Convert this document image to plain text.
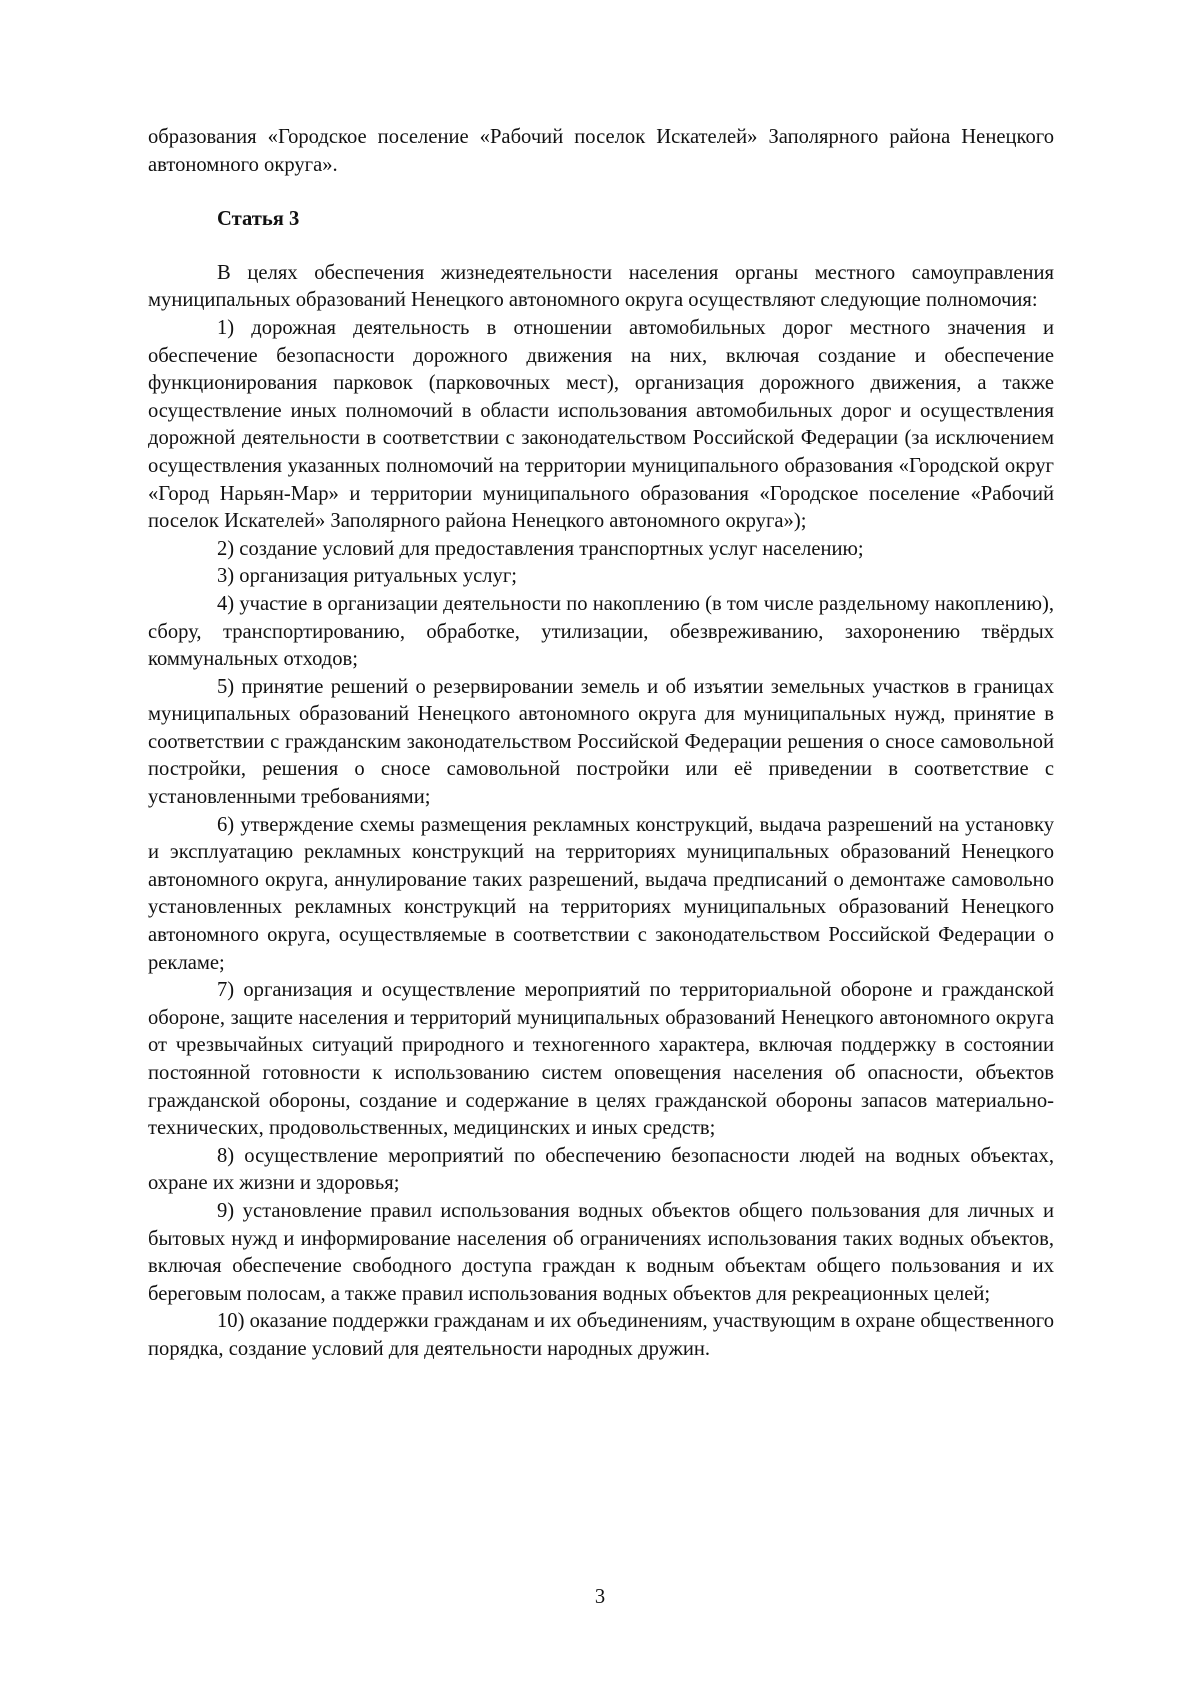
образования «Городское поселение «Рабочий поселок Искателей» Заполярного района Ненецкого автономного округа».

Статья 3

В целях обеспечения жизнедеятельности населения органы местного самоуправления муниципальных образований Ненецкого автономного округа осуществляют следующие полномочия:

1) дорожная деятельность в отношении автомобильных дорог местного значения и обеспечение безопасности дорожного движения на них, включая создание и обеспечение функционирования парковок (парковочных мест), организация дорожного движения, а также осуществление иных полномочий в области использования автомобильных дорог и осуществления дорожной деятельности в соответствии с законодательством Российской Федерации (за исключением осуществления указанных полномочий на территории муниципального образования «Городской округ «Город Нарьян-Мар» и территории муниципального образования «Городское поселение «Рабочий поселок Искателей» Заполярного района Ненецкого автономного округа»);

2) создание условий для предоставления транспортных услуг населению;

3) организация ритуальных услуг;

4) участие в организации деятельности по накоплению (в том числе раздельному накоплению), сбору, транспортированию, обработке, утилизации, обезвреживанию, захоронению твёрдых коммунальных отходов;

5) принятие решений о резервировании земель и об изъятии земельных участков в границах муниципальных образований Ненецкого автономного округа для муниципальных нужд, принятие в соответствии с гражданским законодательством Российской Федерации решения о сносе самовольной постройки, решения о сносе самовольной постройки или её приведении в соответствие с установленными требованиями;

6) утверждение схемы размещения рекламных конструкций, выдача разрешений на установку и эксплуатацию рекламных конструкций на территориях муниципальных образований Ненецкого автономного округа, аннулирование таких разрешений, выдача предписаний о демонтаже самовольно установленных рекламных конструкций на территориях муниципальных образований Ненецкого автономного округа, осуществляемые в соответствии с законодательством Российской Федерации о рекламе;

7) организация и осуществление мероприятий по территориальной обороне и гражданской обороне, защите населения и территорий муниципальных образований Ненецкого автономного округа от чрезвычайных ситуаций природного и техногенного характера, включая поддержку в состоянии постоянной готовности к использованию систем оповещения населения об опасности, объектов гражданской обороны, создание и содержание в целях гражданской обороны запасов материально-технических, продовольственных, медицинских и иных средств;

8) осуществление мероприятий по обеспечению безопасности людей на водных объектах, охране их жизни и здоровья;

9) установление правил использования водных объектов общего пользования для личных и бытовых нужд и информирование населения об ограничениях использования таких водных объектов, включая обеспечение свободного доступа граждан к водным объектам общего пользования и их береговым полосам, а также правил использования водных объектов для рекреационных целей;

10) оказание поддержки гражданам и их объединениям, участвующим в охране общественного порядка, создание условий для деятельности народных дружин.

3
